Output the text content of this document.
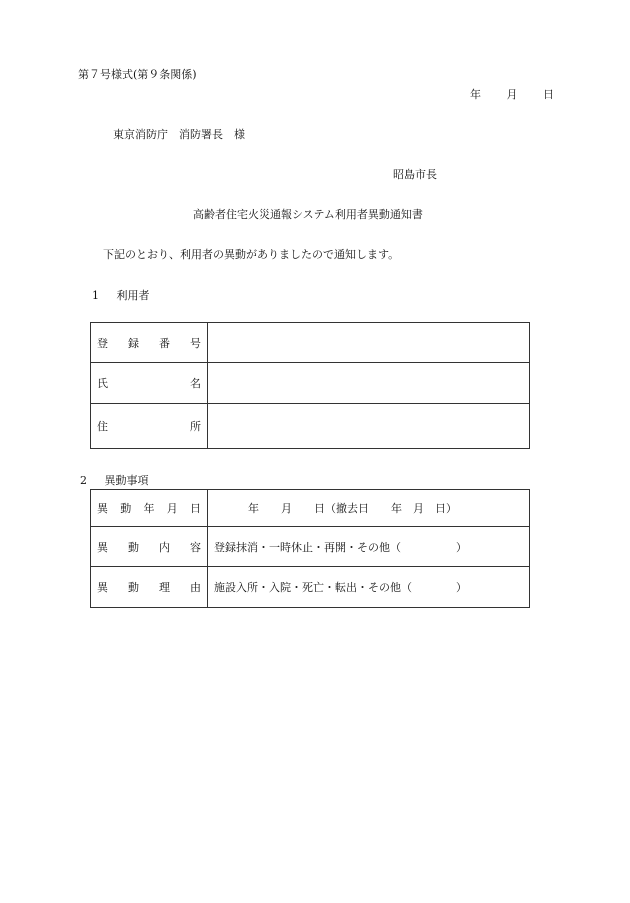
第７号様式(第９条関係)
年 月 日
東京消防庁　消防署長　様
昭島市長
高齢者住宅火災通報システム利用者異動通知書
下記のとおり、利用者の異動がありましたので通知します。
1 利用者
登 録 番 号	

氏 名	

住 所	

2 異動事項
異 動 年 月 日	年　　月　　日（撤去日　　年　月　日）

異 動 内 容	登録抹消・一時休止・再開・その他（　　　　　）

異 動 理 由	施設入所・入院・死亡・転出・その他（　　　　）
